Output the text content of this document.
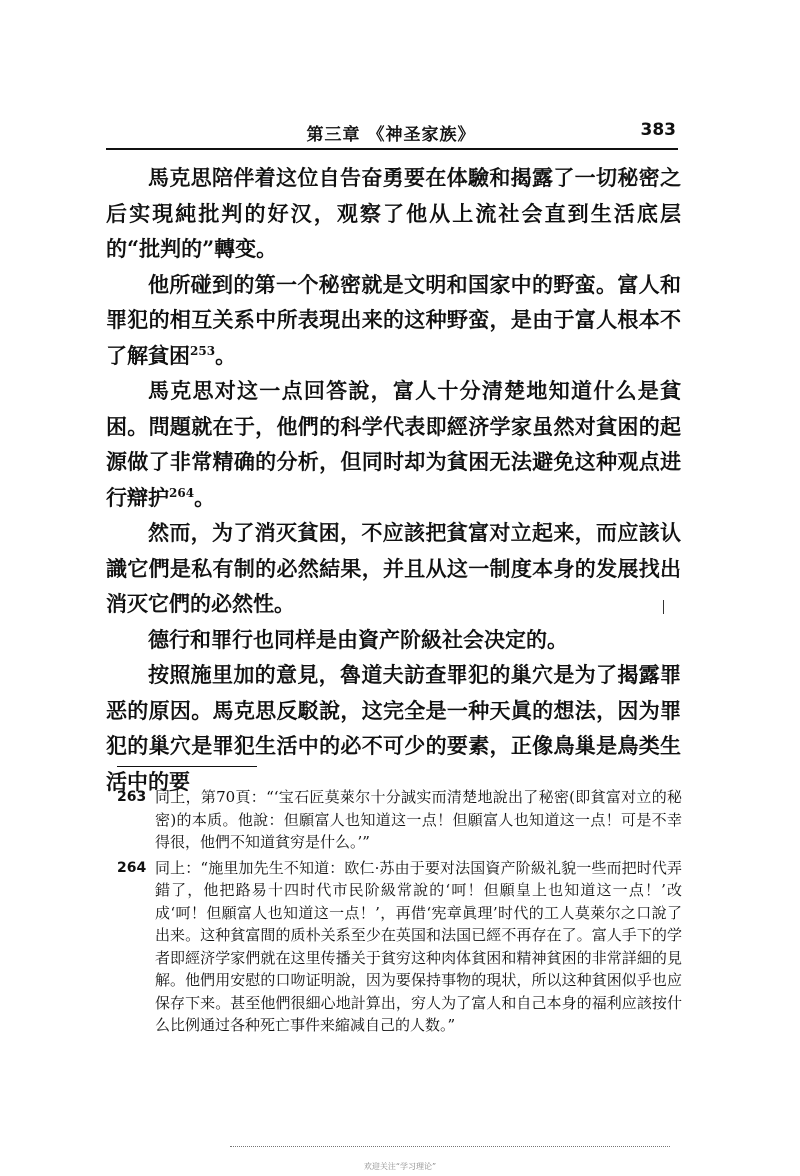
第三章 《神圣家族》	383

馬克思陪伴着这位自告奋勇要在体驗和揭露了一切秘密之后实現純批判的好汉，观察了他从上流社会直到生活底层的“批判的”轉变。

他所碰到的第一个秘密就是文明和国家中的野蛮。富人和罪犯的相互关系中所表現出来的这种野蛮，是由于富人根本不了解貧困$^{253}$。

馬克思对这一点回答說，富人十分清楚地知道什么是貧困。問題就在于，他們的科学代表即經济学家虽然对貧困的起源做了非常精确的分析，但同时却为貧困无法避免这种观点进行辯护$^{264}$。

然而，为了消灭貧困，不应該把貧富对立起来，而应該认識它們是私有制的必然結果，并且从这一制度本身的发展找出消灭它們的必然性。

德行和罪行也同样是由資产阶級社会决定的。

按照施里加的意見，魯道夫訪查罪犯的巢穴是为了揭露罪恶的原因。馬克思反駁說，这完全是一种天眞的想法，因为罪犯的巢穴是罪犯生活中的必不可少的要素，正像鳥巢是鳥类生活中的要

263 同上，第70頁：“‘宝石匠莫萊尔十分誠实而清楚地說出了秘密(即貧富对立的秘密)的本质。他說：但願富人也知道这一点！但願富人也知道这一点！可是不幸得很，他們不知道貧穷是什么。’”
264 同上：“施里加先生不知道：欧仁·苏由于要对法国資产阶級礼貌一些而把时代弄錯了，他把路易十四时代市民阶級常說的‘呵！但願皇上也知道这一点！’改成‘呵！但願富人也知道这一点！’，再借‘宪章眞理’时代的工人莫萊尔之口說了出来。这种貧富間的质朴关系至少在英国和法国已經不再存在了。富人手下的学者即經济学家們就在这里传播关于貧穷这种肉体貧困和精神貧困的非常詳細的見解。他們用安慰的口吻证明說，因为要保持事物的現状，所以这种貧困似乎也应保存下来。甚至他們很細心地計算出，穷人为了富人和自己本身的福利应該按什么比例通过各种死亡事件来縮减自己的人数。”
欢迎关注“学习理论”
